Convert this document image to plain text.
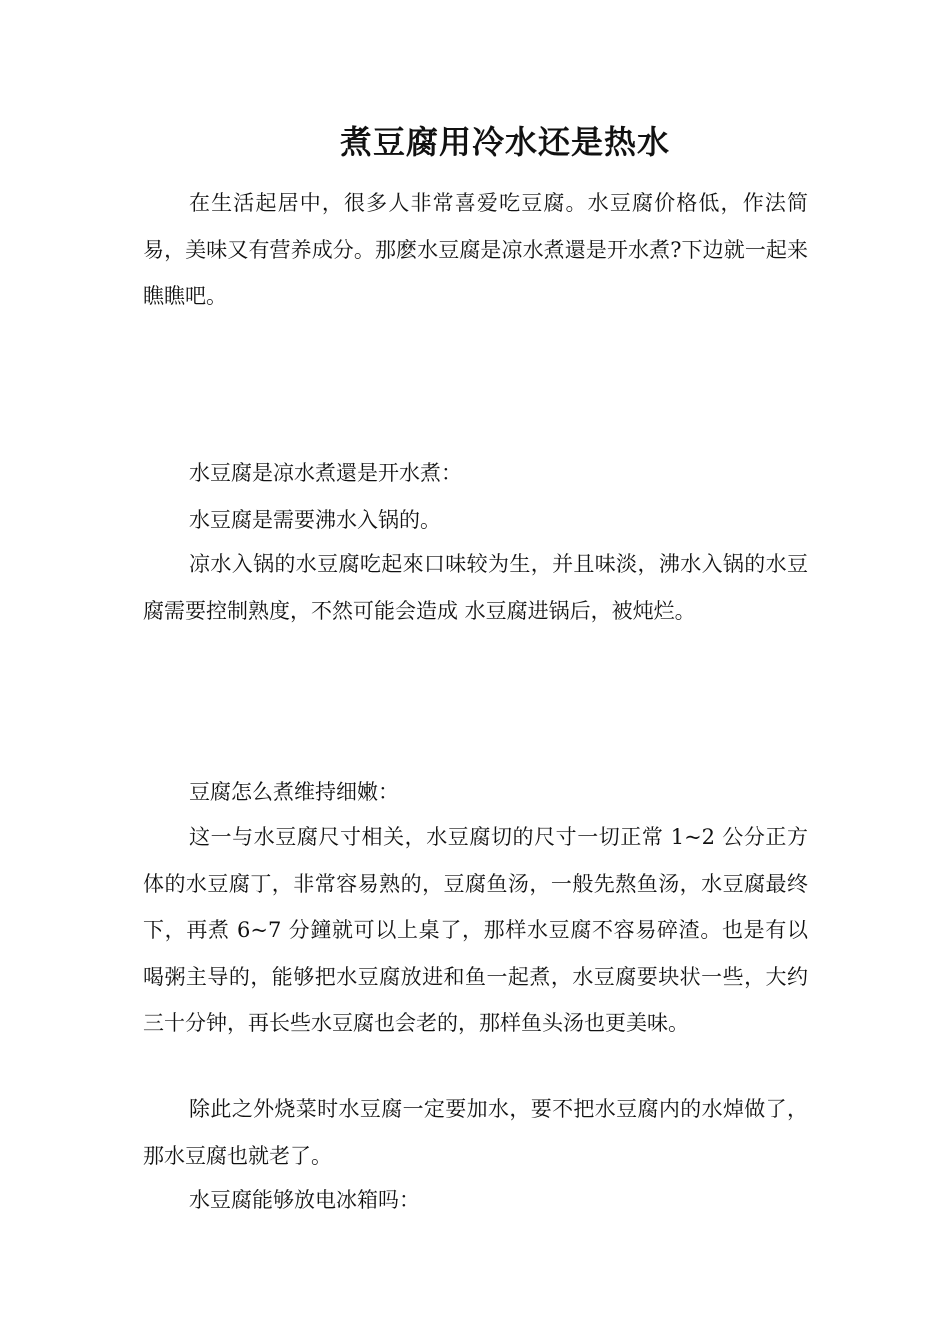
煮豆腐用冷水还是热水

在生活起居中，很多人非常喜爱吃豆腐。水豆腐价格低，作法简易，美味又有营养成分。那麽水豆腐是凉水煮還是开水煮?下边就一起来瞧瞧吧。

水豆腐是凉水煮還是开水煮：

水豆腐是需要沸水入锅的。

凉水入锅的水豆腐吃起來口味较为生，并且味淡，沸水入锅的水豆腐需要控制熟度，不然可能会造成 水豆腐进锅后，被炖烂。

豆腐怎么煮维持细嫩：

这一与水豆腐尺寸相关，水豆腐切的尺寸一切正常 1~2 公分正方体的水豆腐丁，非常容易熟的，豆腐鱼汤，一般先熬鱼汤，水豆腐最终下，再煮 6~7 分鐘就可以上桌了，那样水豆腐不容易碎渣。也是有以喝粥主导的，能够把水豆腐放进和鱼一起煮，水豆腐要块状一些，大约三十分钟，再长些水豆腐也会老的，那样鱼头汤也更美味。

除此之外烧菜时水豆腐一定要加水，要不把水豆腐内的水焯做了，那水豆腐也就老了。

水豆腐能够放电冰箱吗：
